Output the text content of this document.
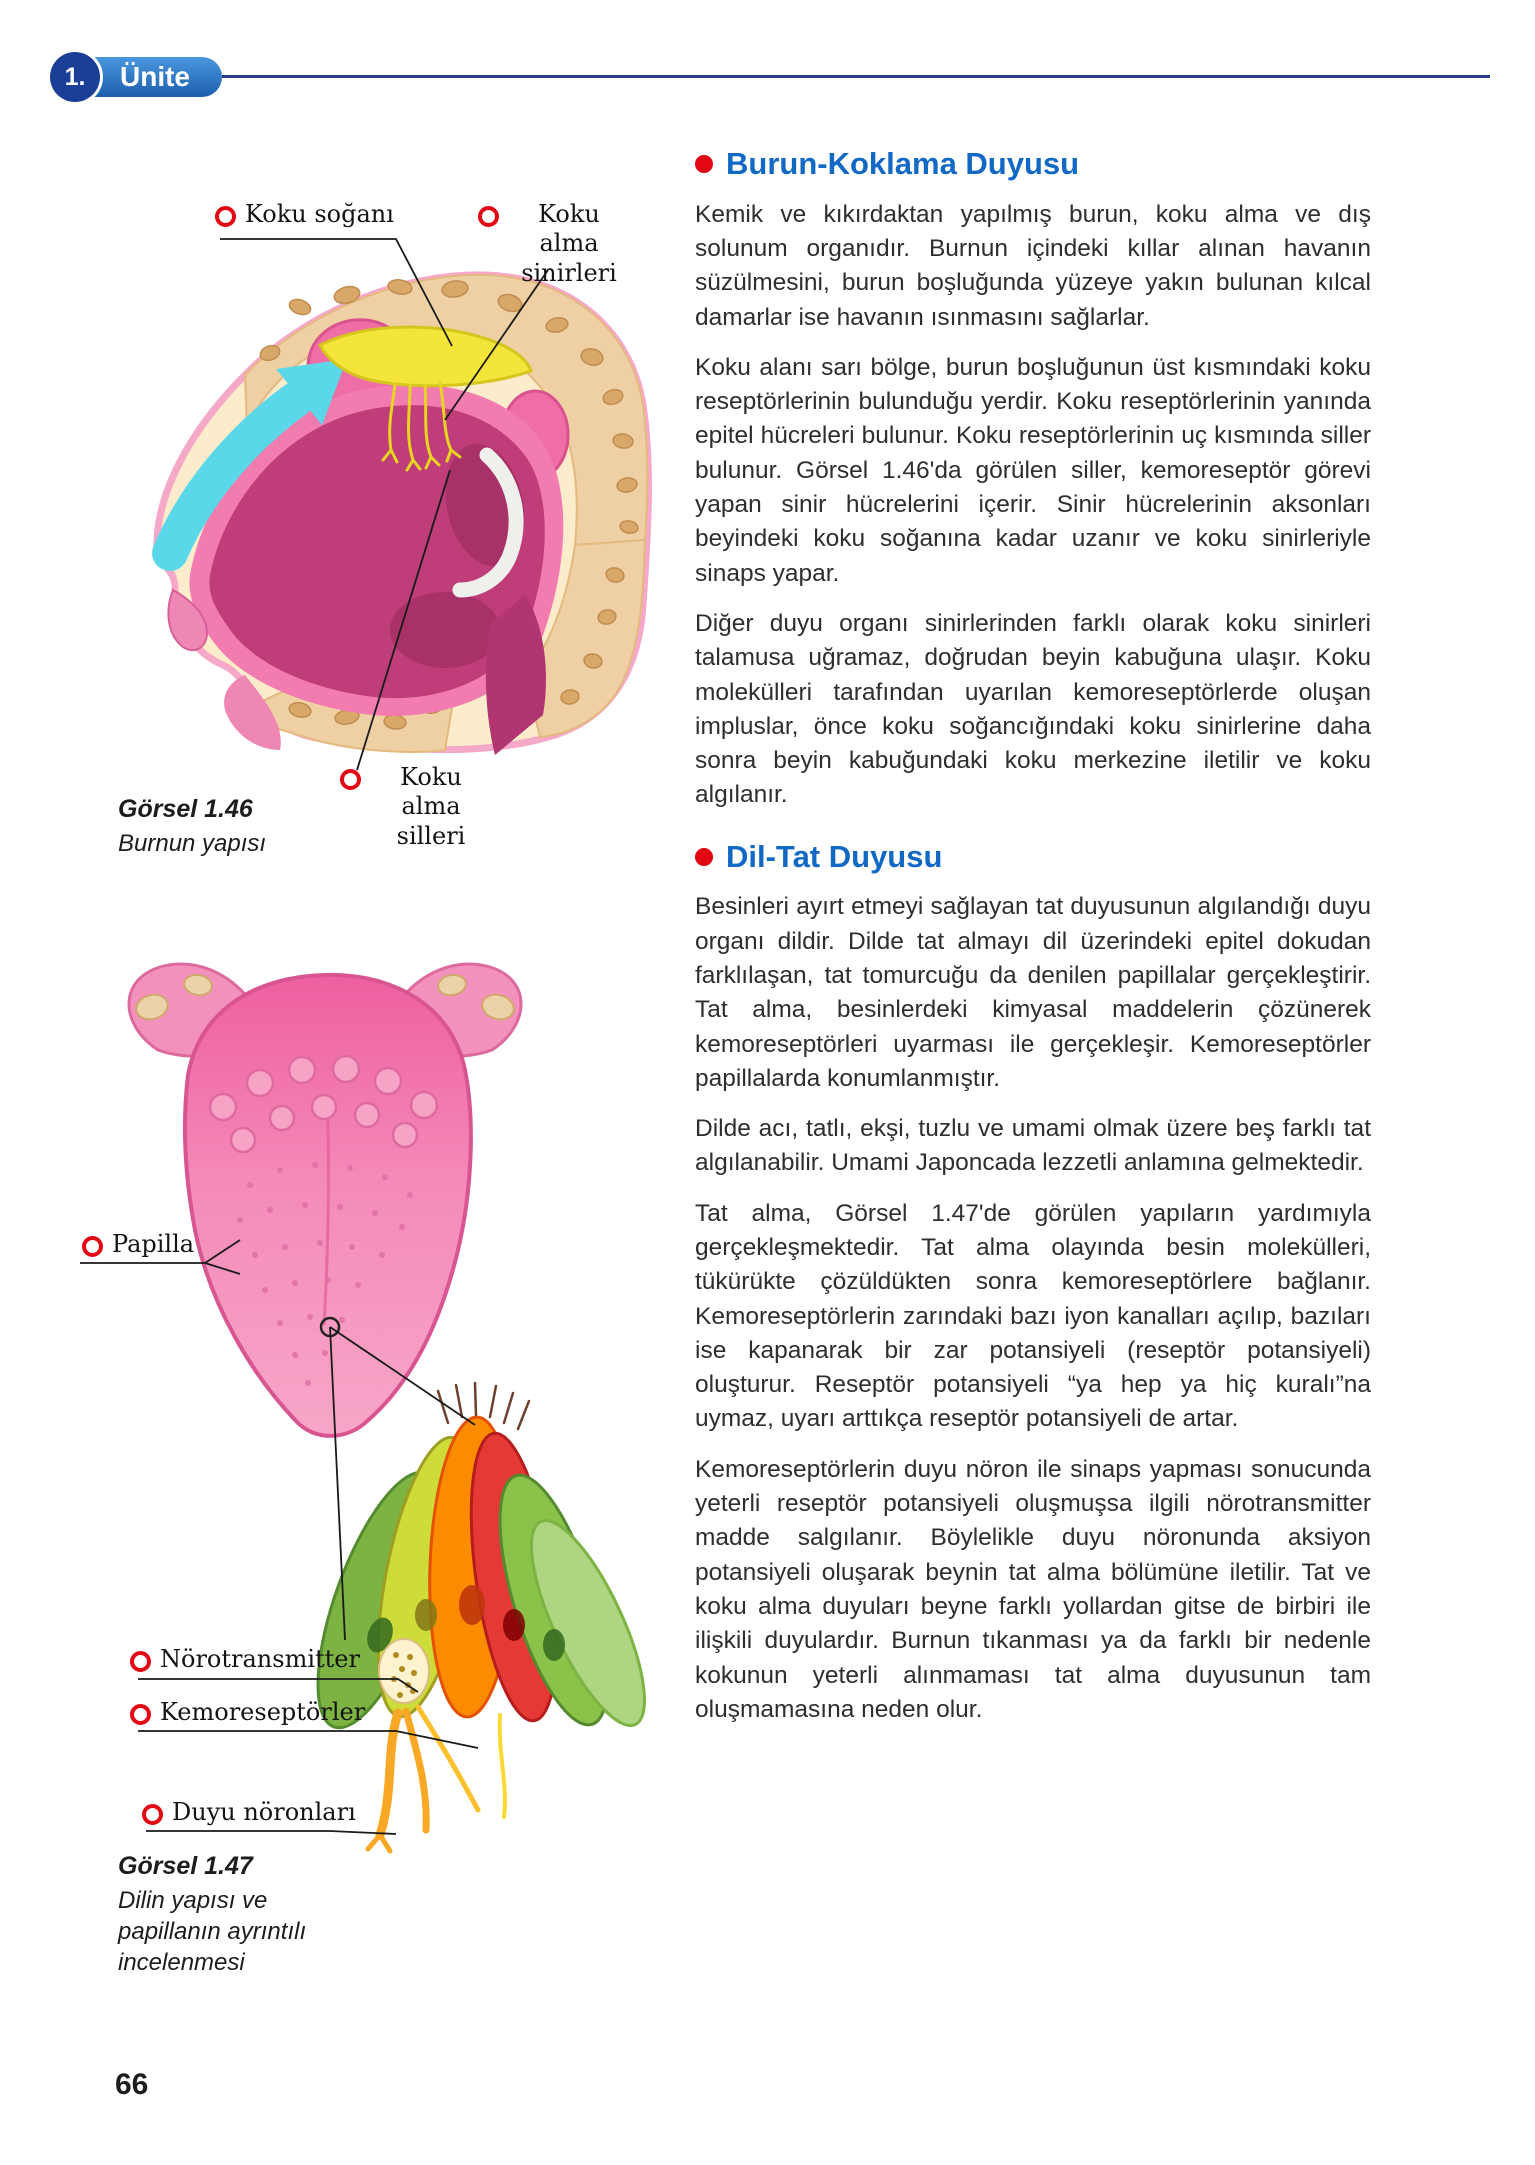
1. Ünite
Koku soğanı	Koku alma sinirleri
Koku alma silleri
Görsel 1.46
Burnun yapısı
Papilla
Nörotransmitter
Kemoreseptörler
Duyu nöronları
Görsel 1.47
Dilin yapısı ve papillanın ayrıntılı incelenmesi
Burun-Koklama Duyusu

Kemik ve kıkırdaktan yapılmış burun, koku alma ve dış solunum organıdır. Burnun içindeki kıllar alınan havanın süzülmesini, burun boşluğunda yüzeye yakın bulunan kılcal damarlar ise havanın ısınmasını sağlarlar.

Koku alanı sarı bölge, burun boşluğunun üst kısmındaki koku reseptörlerinin bulunduğu yerdir. Koku reseptörlerinin yanında epitel hücreleri bulunur. Koku reseptörlerinin uç kısmında siller bulunur. Görsel 1.46'da görülen siller, kemoreseptör görevi yapan sinir hücrelerini içerir. Sinir hücrelerinin aksonları beyindeki koku soğanına kadar uzanır ve koku sinirleriyle sinaps yapar.

Diğer duyu organı sinirlerinden farklı olarak koku sinirleri talamusa uğramaz, doğrudan beyin kabuğuna ulaşır. Koku molekülleri tarafından uyarılan kemoreseptörlerde oluşan impluslar, önce koku soğancığındaki koku sinirlerine daha sonra beyin kabuğundaki koku merkezine iletilir ve koku algılanır.

Dil-Tat Duyusu

Besinleri ayırt etmeyi sağlayan tat duyusunun algılandığı duyu organı dildir. Dilde tat almayı dil üzerindeki epitel dokudan farklılaşan, tat tomurcuğu da denilen papillalar gerçekleştirir. Tat alma, besinlerdeki kimyasal maddelerin çözünerek kemoreseptörleri uyarması ile gerçekleşir. Kemoreseptörler papillalarda konumlanmıştır.

Dilde acı, tatlı, ekşi, tuzlu ve umami olmak üzere beş farklı tat algılanabilir. Umami Japoncada lezzetli anlamına gelmektedir.

Tat alma, Görsel 1.47'de görülen yapıların yardımıyla gerçekleşmektedir. Tat alma olayında besin molekülleri, tükürükte çözüldükten sonra kemoreseptörlere bağlanır. Kemoreseptörlerin zarındaki bazı iyon kanalları açılıp, bazıları ise kapanarak bir zar potansiyeli (reseptör potansiyeli) oluşturur. Reseptör potansiyeli “ya hep ya hiç kuralı”na uymaz, uyarı arttıkça reseptör potansiyeli de artar.

Kemoreseptörlerin duyu nöron ile sinaps yapması sonucunda yeterli reseptör potansiyeli oluşmuşsa ilgili nörotransmitter madde salgılanır. Böylelikle duyu nöronunda aksiyon potansiyeli oluşarak beynin tat alma bölümüne iletilir. Tat ve koku alma duyuları beyne farklı yollardan gitse de birbiri ile ilişkili duyulardır. Burnun tıkanması ya da farklı bir nedenle kokunun yeterli alınmaması tat alma duyusunun tam oluşmamasına neden olur.

66
